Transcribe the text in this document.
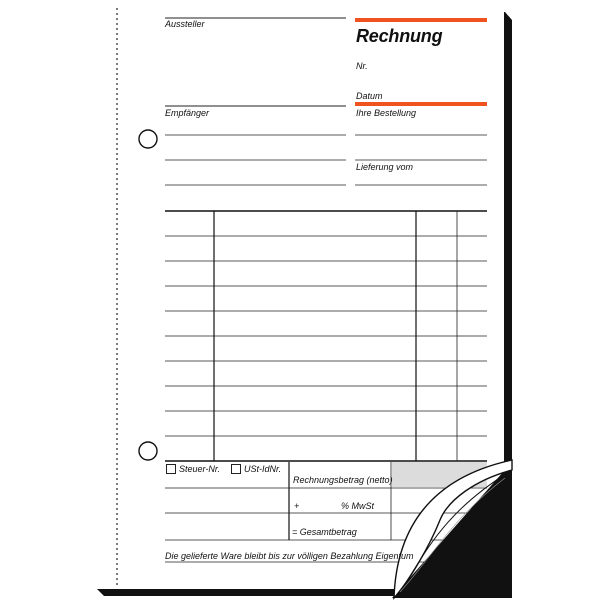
Aussteller
Rechnung
Nr.
Datum
Empfänger	Ihre Bestellung
Lieferung vom
Steuer-Nr.	USt-IdNr.
Rechnungsbetrag (netto)
+	% MwSt
= Gesamtbetrag
Die gelieferte Ware bleibt bis zur völligen Bezahlung Eigentum
